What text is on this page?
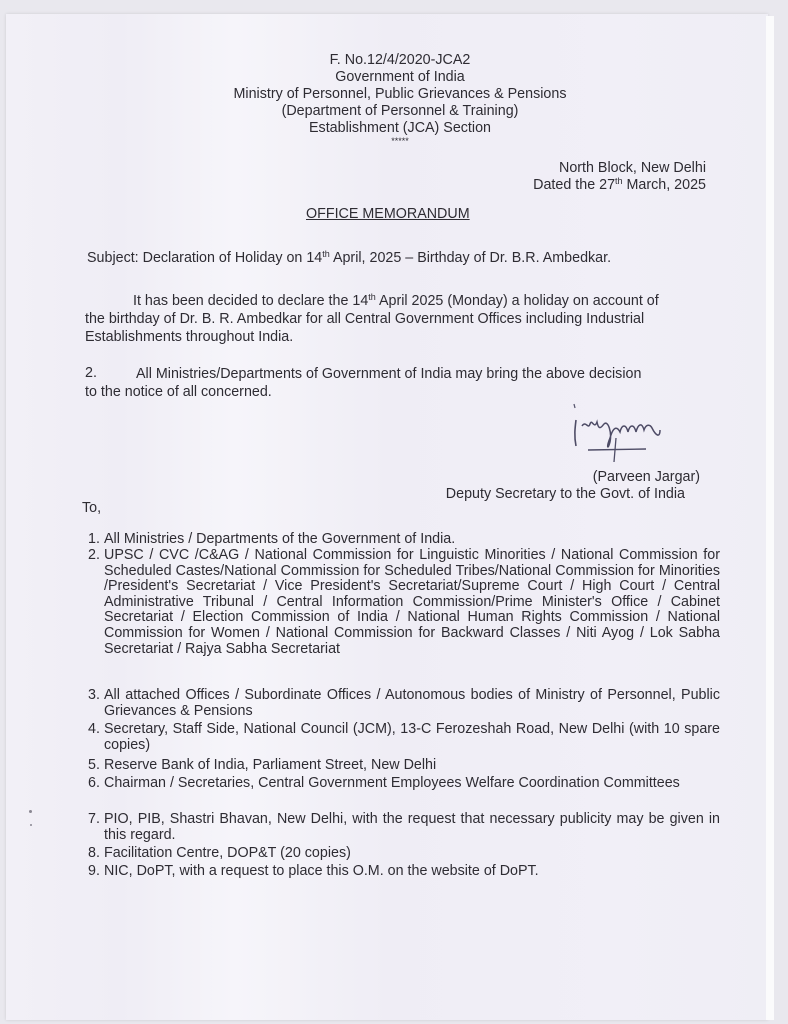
F. No.12/4/2020-JCA2
Government of India
Ministry of Personnel, Public Grievances & Pensions
(Department of Personnel & Training)
Establishment (JCA) Section
*****
North Block, New Delhi
Dated the 27th March, 2025
OFFICE MEMORANDUM
Subject: Declaration of Holiday on 14th April, 2025 – Birthday of Dr. B.R. Ambedkar.
It has been decided to declare the 14th April 2025 (Monday) a holiday on account of
the birthday of Dr. B. R. Ambedkar for all Central Government Offices including Industrial
Establishments throughout India.
2.	All Ministries/Departments of Government of India may bring the above decision
to the notice of all concerned.
(Parveen Jargar)
Deputy Secretary to the Govt. of India
To,
1. All Ministries / Departments of the Government of India.
2. UPSC / CVC /C&AG / National Commission for Linguistic Minorities / National Commission for Scheduled Castes/National Commission for Scheduled Tribes/National Commission for Minorities /President's Secretariat / Vice President's Secretariat/Supreme Court / High Court / Central Administrative Tribunal / Central Information Commission/Prime Minister's Office / Cabinet Secretariat / Election Commission of India / National Human Rights Commission / National Commission for Women / National Commission for Backward Classes / Niti Ayog / Lok Sabha Secretariat / Rajya Sabha Secretariat
3. All attached Offices / Subordinate Offices / Autonomous bodies of Ministry of Personnel, Public Grievances & Pensions
4. Secretary, Staff Side, National Council (JCM), 13-C Ferozeshah Road, New Delhi (with 10 spare copies)
5. Reserve Bank of India, Parliament Street, New Delhi
6. Chairman / Secretaries, Central Government Employees Welfare Coordination Committees
7. PIO, PIB, Shastri Bhavan, New Delhi, with the request that necessary publicity may be given in this regard.
8. Facilitation Centre, DOP&T (20 copies)
9. NIC, DoPT, with a request to place this O.M. on the website of DoPT.
